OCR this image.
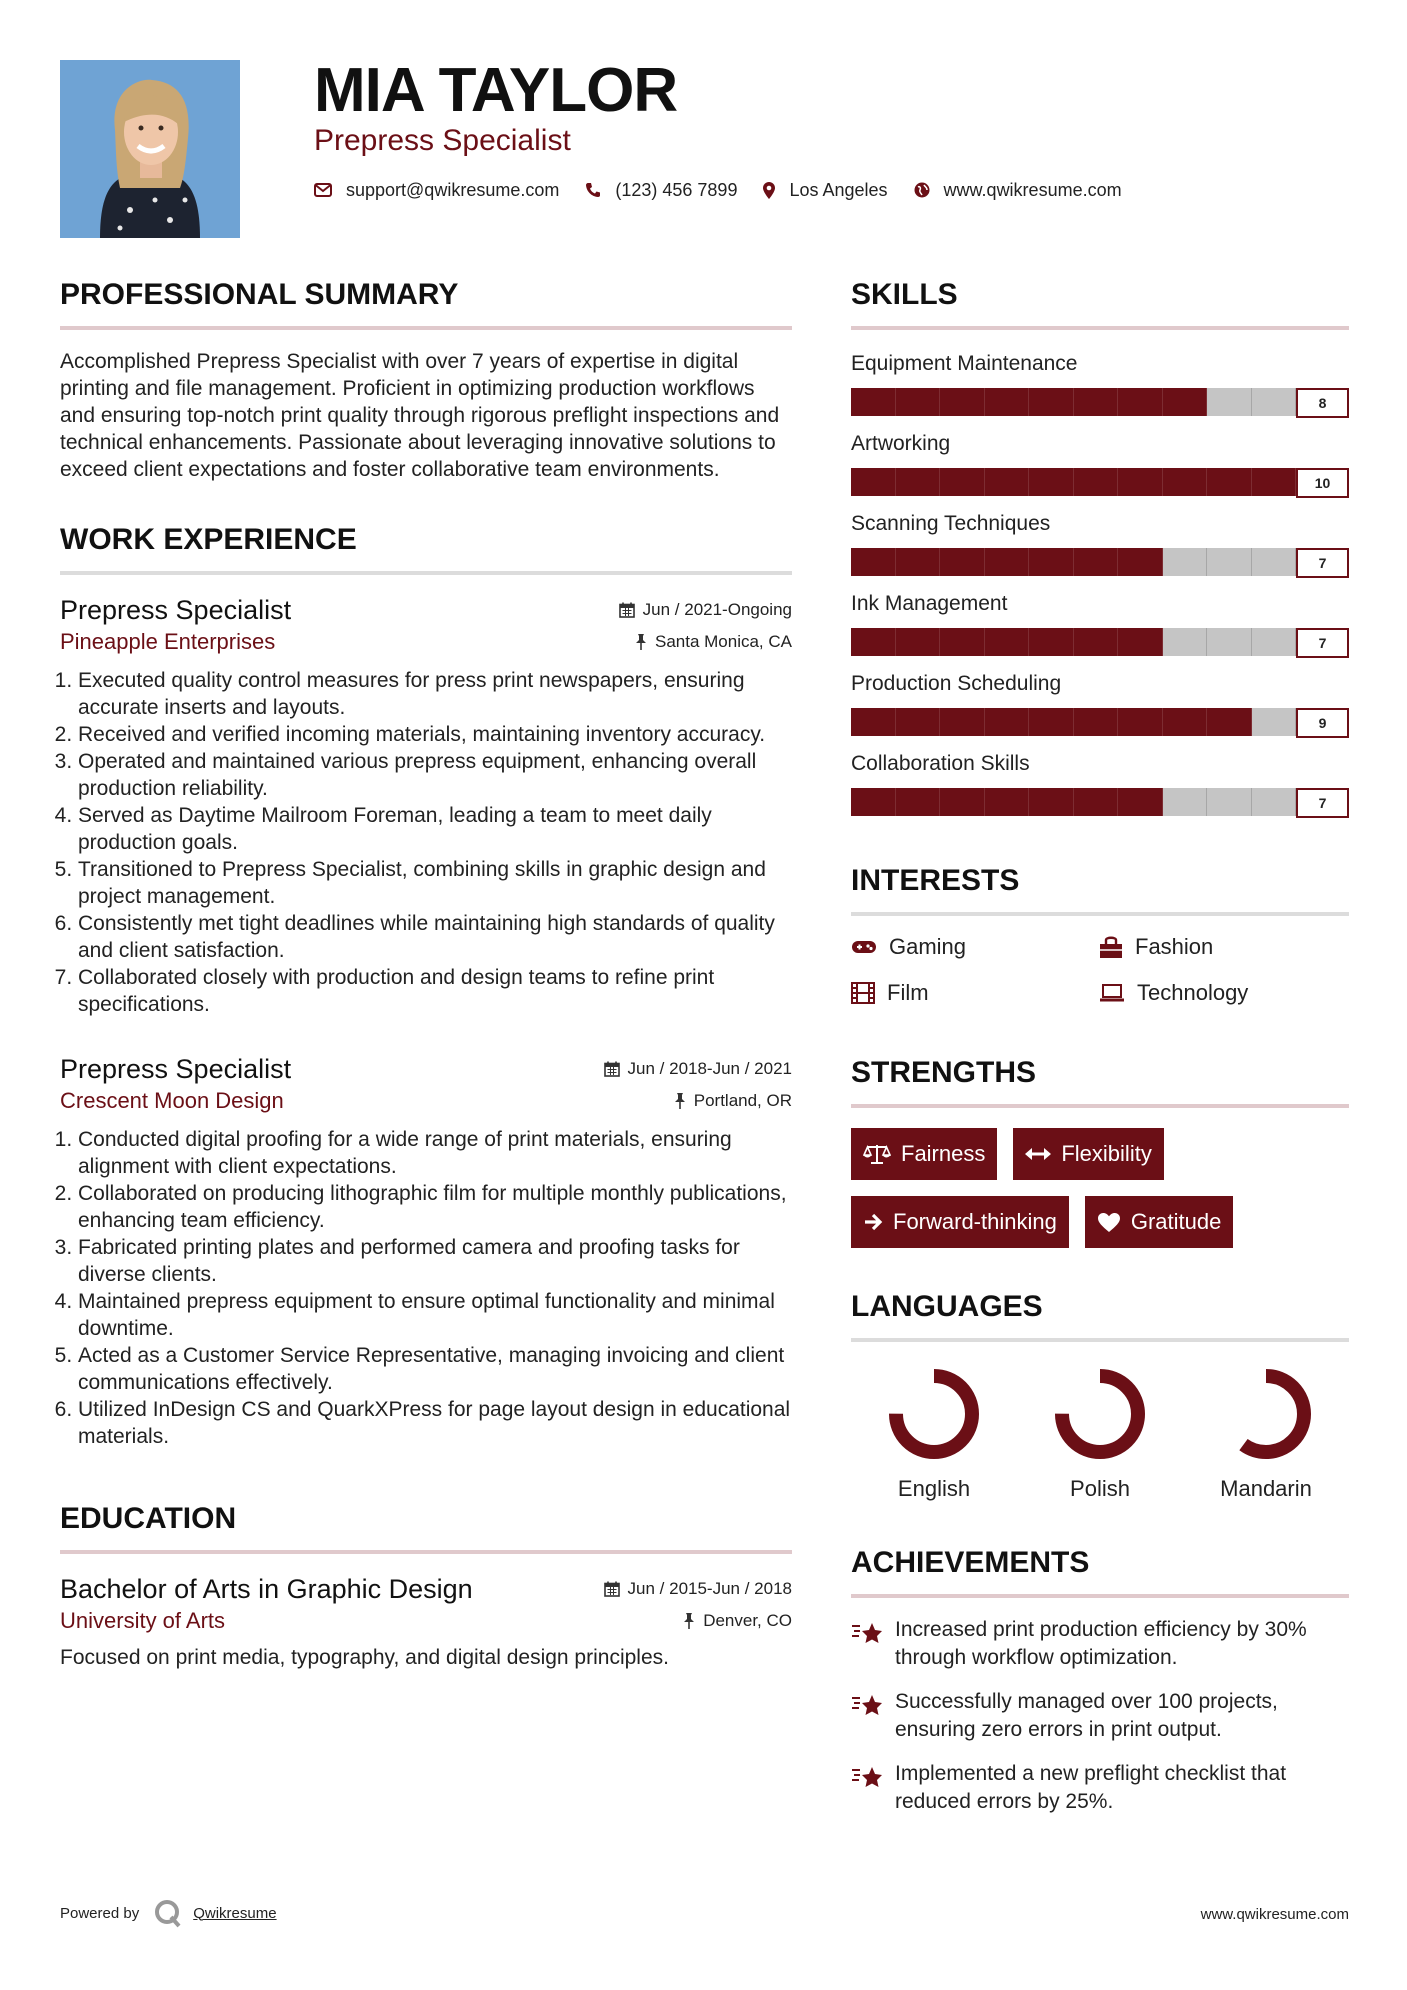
MIA TAYLOR
Prepress Specialist
support@qwikresume.com	(123) 456 7899	Los Angeles	www.qwikresume.com
PROFESSIONAL SUMMARY
Accomplished Prepress Specialist with over 7 years of expertise in digital printing and file management. Proficient in optimizing production workflows and ensuring top-notch print quality through rigorous preflight inspections and technical enhancements. Passionate about leveraging innovative solutions to exceed client expectations and foster collaborative team environments.
WORK EXPERIENCE
Prepress Specialist	Jun / 2021-Ongoing
Pineapple Enterprises	Santa Monica, CA
1. Executed quality control measures for press print newspapers, ensuring accurate inserts and layouts.
2. Received and verified incoming materials, maintaining inventory accuracy.
3. Operated and maintained various prepress equipment, enhancing overall production reliability.
4. Served as Daytime Mailroom Foreman, leading a team to meet daily production goals.
5. Transitioned to Prepress Specialist, combining skills in graphic design and project management.
6. Consistently met tight deadlines while maintaining high standards of quality and client satisfaction.
7. Collaborated closely with production and design teams to refine print specifications.
Prepress Specialist	Jun / 2018-Jun / 2021
Crescent Moon Design	Portland, OR
1. Conducted digital proofing for a wide range of print materials, ensuring alignment with client expectations.
2. Collaborated on producing lithographic film for multiple monthly publications, enhancing team efficiency.
3. Fabricated printing plates and performed camera and proofing tasks for diverse clients.
4. Maintained prepress equipment to ensure optimal functionality and minimal downtime.
5. Acted as a Customer Service Representative, managing invoicing and client communications effectively.
6. Utilized InDesign CS and QuarkXPress for page layout design in educational materials.
EDUCATION
Bachelor of Arts in Graphic Design	Jun / 2015-Jun / 2018
University of Arts	Denver, CO
Focused on print media, typography, and digital design principles.
SKILLS
Equipment Maintenance
8
Artworking
10
Scanning Techniques
7
Ink Management
7
Production Scheduling
9
Collaboration Skills
7
INTERESTS
Gaming	Fashion
Film	Technology
STRENGTHS
Fairness	Flexibility
Forward-thinking	Gratitude
LANGUAGES
English	Polish	Mandarin
ACHIEVEMENTS
Increased print production efficiency by 30% through workflow optimization.
Successfully managed over 100 projects, ensuring zero errors in print output.
Implemented a new preflight checklist that reduced errors by 25%.
Powered by	Qwikresume	www.qwikresume.com
